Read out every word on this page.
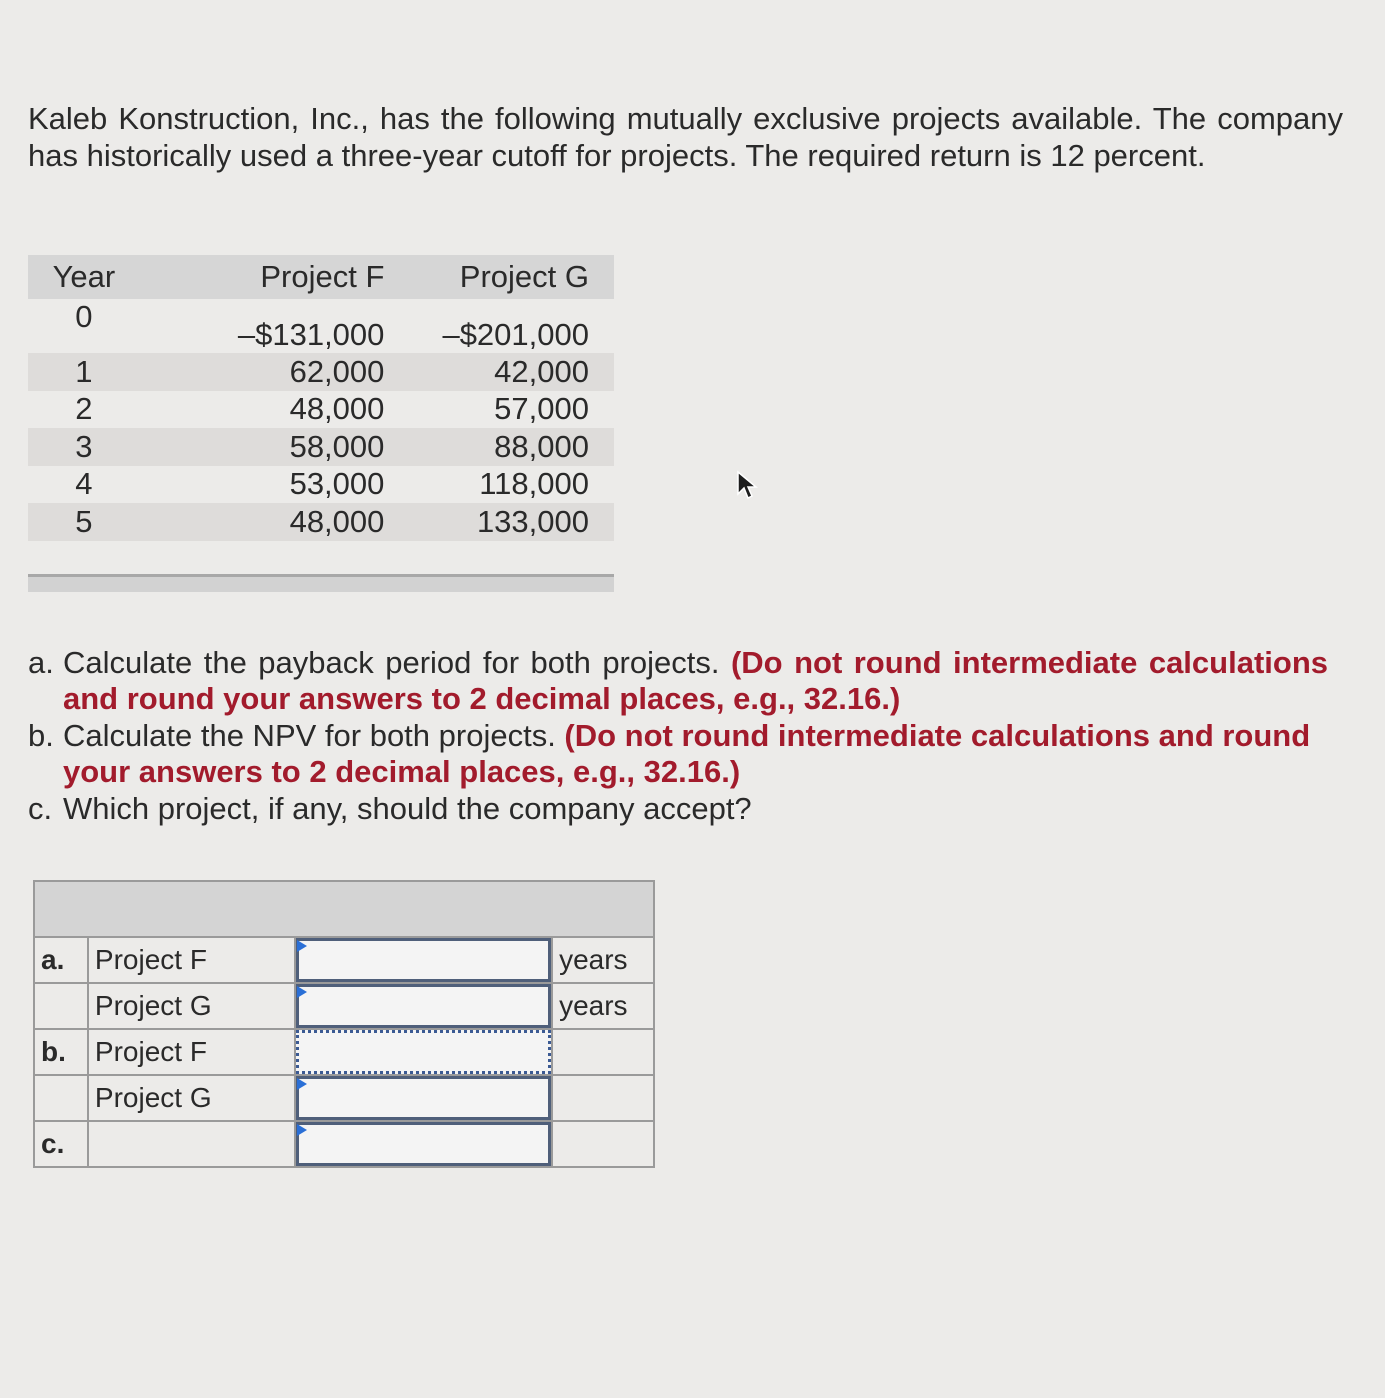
Kaleb Konstruction, Inc., has the following mutually exclusive projects available. The company has historically used a three-year cutoff for projects. The required return is 12 percent.

Year	Project F	Project G
0	–$131,000	–$201,000
1	62,000	42,000
2	48,000	57,000
3	58,000	88,000
4	53,000	118,000
5	48,000	133,000
a. Calculate the payback period for both projects. (Do not round intermediate calculations and round your answers to 2 decimal places, e.g., 32.16.)
b. Calculate the NPV for both projects. (Do not round intermediate calculations and round your answers to 2 decimal places, e.g., 32.16.)
c. Which project, if any, should the company accept?

a.	Project F		years
	Project G		years
b.	Project F	

	Project G	

c.		
